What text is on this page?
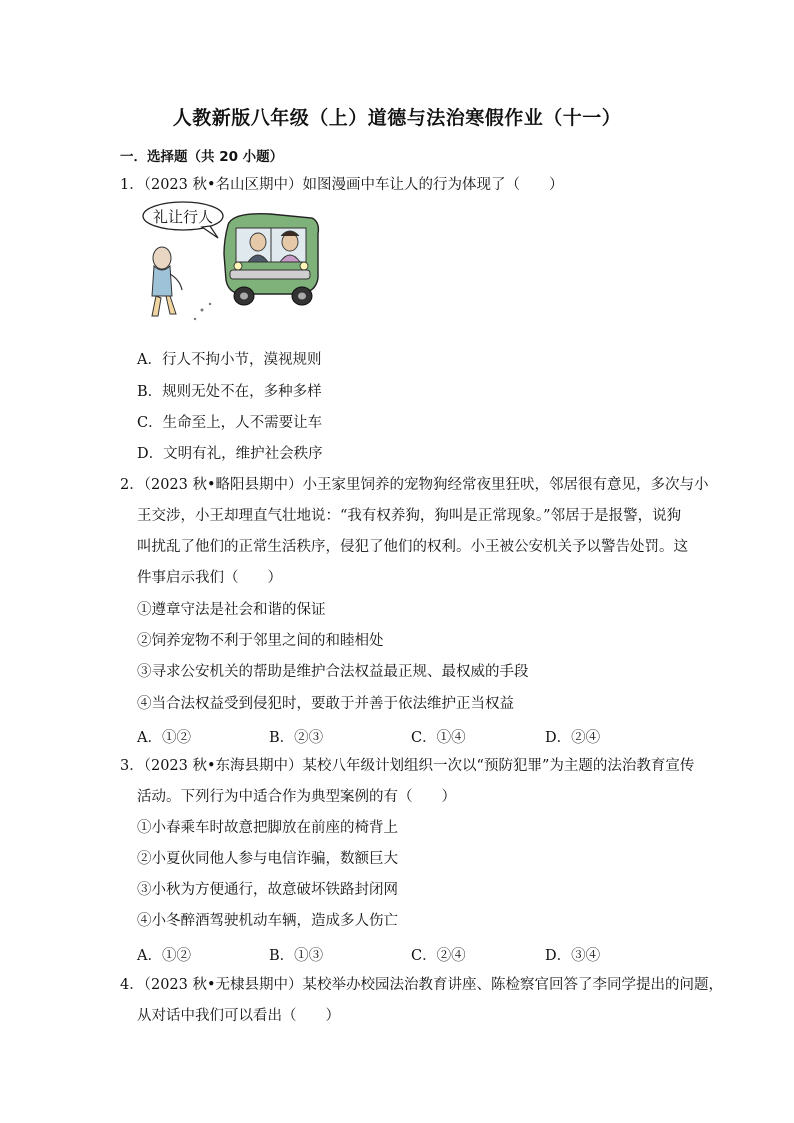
人教新版八年级（上）道德与法治寒假作业（十一）
一．选择题（共 20 小题）
1．（2023 秋•名山区期中）如图漫画中车让人的行为体现了（　　）
礼让行人
A．行人不拘小节，漠视规则
B．规则无处不在，多种多样
C．生命至上，人不需要让车
D．文明有礼，维护社会秩序
2．（2023 秋•略阳县期中）小王家里饲养的宠物狗经常夜里狂吠，邻居很有意见，多次与小
王交涉，小王却理直气壮地说：“我有权养狗，狗叫是正常现象。”邻居于是报警，说狗
叫扰乱了他们的正常生活秩序，侵犯了他们的权利。小王被公安机关予以警告处罚。这
件事启示我们（　　）
①遵章守法是社会和谐的保证
②饲养宠物不利于邻里之间的和睦相处
③寻求公安机关的帮助是维护合法权益最正规、最权威的手段
④当合法权益受到侵犯时，要敢于并善于依法维护正当权益
A．①②	B．②③	C．①④	D．②④
3．（2023 秋•东海县期中）某校八年级计划组织一次以“预防犯罪”为主题的法治教育宣传
活动。下列行为中适合作为典型案例的有（　　）
①小春乘车时故意把脚放在前座的椅背上
②小夏伙同他人参与电信诈骗，数额巨大
③小秋为方便通行，故意破坏铁路封闭网
④小冬醉酒驾驶机动车辆，造成多人伤亡
A．①②	B．①③	C．②④	D．③④
4．（2023 秋•无棣县期中）某校举办校园法治教育讲座、陈检察官回答了李同学提出的问题，
从对话中我们可以看出（　　）
